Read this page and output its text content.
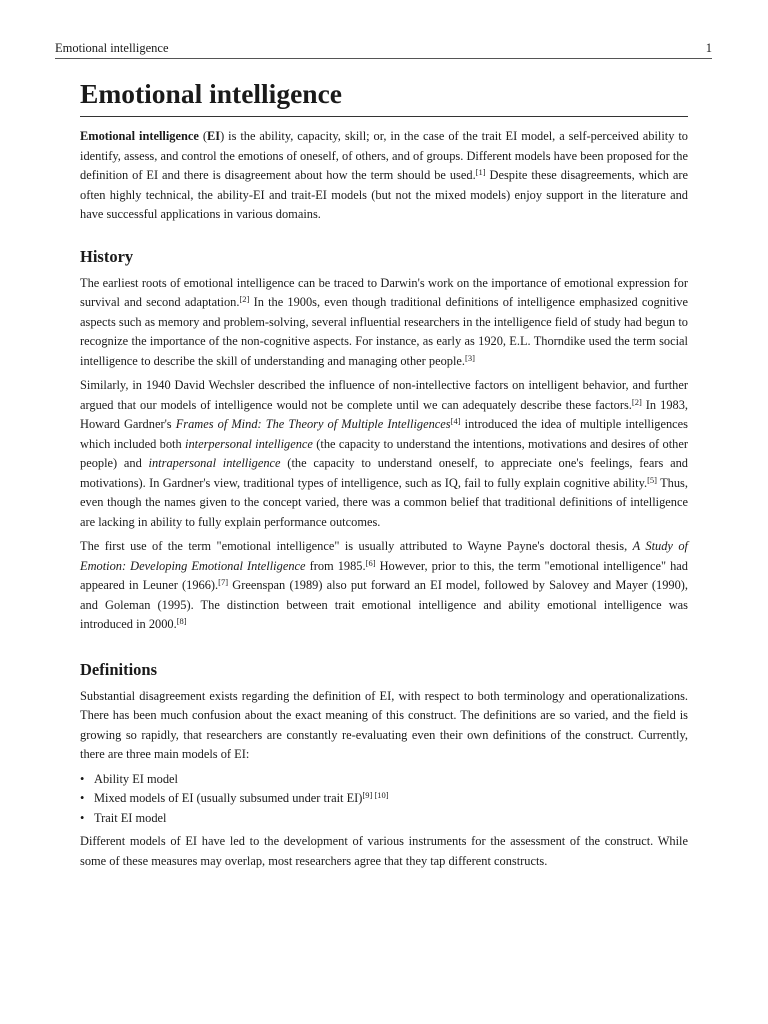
Emotional intelligence	1
Emotional intelligence

Emotional intelligence (EI) is the ability, capacity, skill; or, in the case of the trait EI model, a self-perceived ability to identify, assess, and control the emotions of oneself, of others, and of groups. Different models have been proposed for the definition of EI and there is disagreement about how the term should be used.[1] Despite these disagreements, which are often highly technical, the ability-EI and trait-EI models (but not the mixed models) enjoy support in the literature and have successful applications in various domains.

History

The earliest roots of emotional intelligence can be traced to Darwin's work on the importance of emotional expression for survival and second adaptation.[2] In the 1900s, even though traditional definitions of intelligence emphasized cognitive aspects such as memory and problem-solving, several influential researchers in the intelligence field of study had begun to recognize the importance of the non-cognitive aspects. For instance, as early as 1920, E.L. Thorndike used the term social intelligence to describe the skill of understanding and managing other people.[3]

Similarly, in 1940 David Wechsler described the influence of non-intellective factors on intelligent behavior, and further argued that our models of intelligence would not be complete until we can adequately describe these factors.[2] In 1983, Howard Gardner's Frames of Mind: The Theory of Multiple Intelligences[4] introduced the idea of multiple intelligences which included both interpersonal intelligence (the capacity to understand the intentions, motivations and desires of other people) and intrapersonal intelligence (the capacity to understand oneself, to appreciate one's feelings, fears and motivations). In Gardner's view, traditional types of intelligence, such as IQ, fail to fully explain cognitive ability.[5] Thus, even though the names given to the concept varied, there was a common belief that traditional definitions of intelligence are lacking in ability to fully explain performance outcomes.

The first use of the term "emotional intelligence" is usually attributed to Wayne Payne's doctoral thesis, A Study of Emotion: Developing Emotional Intelligence from 1985.[6] However, prior to this, the term "emotional intelligence" had appeared in Leuner (1966).[7] Greenspan (1989) also put forward an EI model, followed by Salovey and Mayer (1990), and Goleman (1995). The distinction between trait emotional intelligence and ability emotional intelligence was introduced in 2000.[8]

Definitions

Substantial disagreement exists regarding the definition of EI, with respect to both terminology and operationalizations. There has been much confusion about the exact meaning of this construct. The definitions are so varied, and the field is growing so rapidly, that researchers are constantly re-evaluating even their own definitions of the construct. Currently, there are three main models of EI:

• Ability EI model
• Mixed models of EI (usually subsumed under trait EI)[9] [10]
• Trait EI model

Different models of EI have led to the development of various instruments for the assessment of the construct. While some of these measures may overlap, most researchers agree that they tap different constructs.
